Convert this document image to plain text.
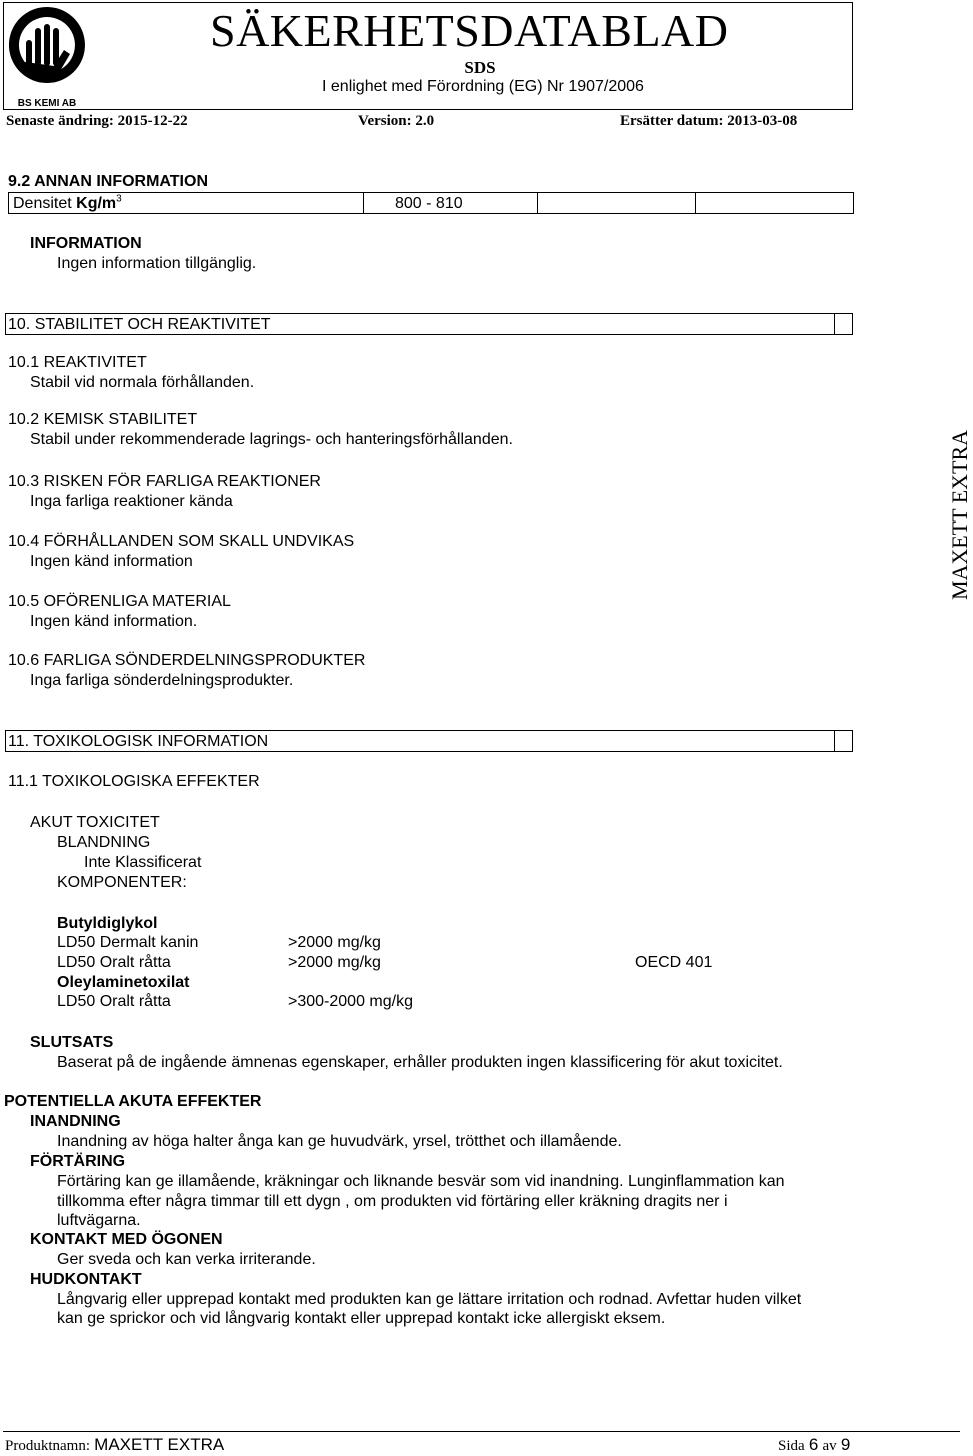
BS KEMI AB
SÄKERHETSDATABLAD
SDS
I enlighet med Förordning (EG) Nr 1907/2006
Senaste ändring: 2015-12-22	Version: 2.0	Ersätter datum: 2013-03-08
9.2 ANNAN INFORMATION
Densitet $Kg/m^3$	800 - 810
INFORMATION
Ingen information tillgänglig.
10. STABILITET OCH REAKTIVITET
10.1 REAKTIVITET
Stabil vid normala förhållanden.
10.2 KEMISK STABILITET
Stabil under rekommenderade lagrings- och hanteringsförhållanden.
10.3 RISKEN FÖR FARLIGA REAKTIONER
Inga farliga reaktioner kända
10.4 FÖRHÅLLANDEN SOM SKALL UNDVIKAS
Ingen känd information
10.5 OFÖRENLIGA MATERIAL
Ingen känd information.
10.6 FARLIGA SÖNDERDELNINGSPRODUKTER
Inga farliga sönderdelningsprodukter.
MAXETT EXTRA
11. TOXIKOLOGISK INFORMATION
11.1 TOXIKOLOGISKA EFFEKTER
AKUT TOXICITET
BLANDNING
Inte Klassificerat
KOMPONENTER:
Butyldiglykol
LD50 Dermalt kanin	>2000 mg/kg
LD50 Oralt råtta	>2000 mg/kg	OECD 401
Oleylaminetoxilat
LD50 Oralt råtta	>300-2000 mg/kg
SLUTSATS
Baserat på de ingående ämnenas egenskaper, erhåller produkten ingen klassificering för akut toxicitet.
POTENTIELLA AKUTA EFFEKTER
INANDNING
Inandning av höga halter ånga kan ge huvudvärk, yrsel, trötthet och illamående.
FÖRTÄRING
Förtäring kan ge illamående, kräkningar och liknande besvär som vid inandning. Lunginflammation kan
tillkomma efter några timmar till ett dygn , om produkten vid förtäring eller kräkning dragits ner i
luftvägarna.
KONTAKT MED ÖGONEN
Ger sveda och kan verka irriterande.
HUDKONTAKT
Långvarig eller upprepad kontakt med produkten kan ge lättare irritation och rodnad. Avfettar huden vilket
kan ge sprickor och vid långvarig kontakt eller upprepad kontakt icke allergiskt eksem.
Produktnamn: MAXETT EXTRA	Sida 6 av 9
